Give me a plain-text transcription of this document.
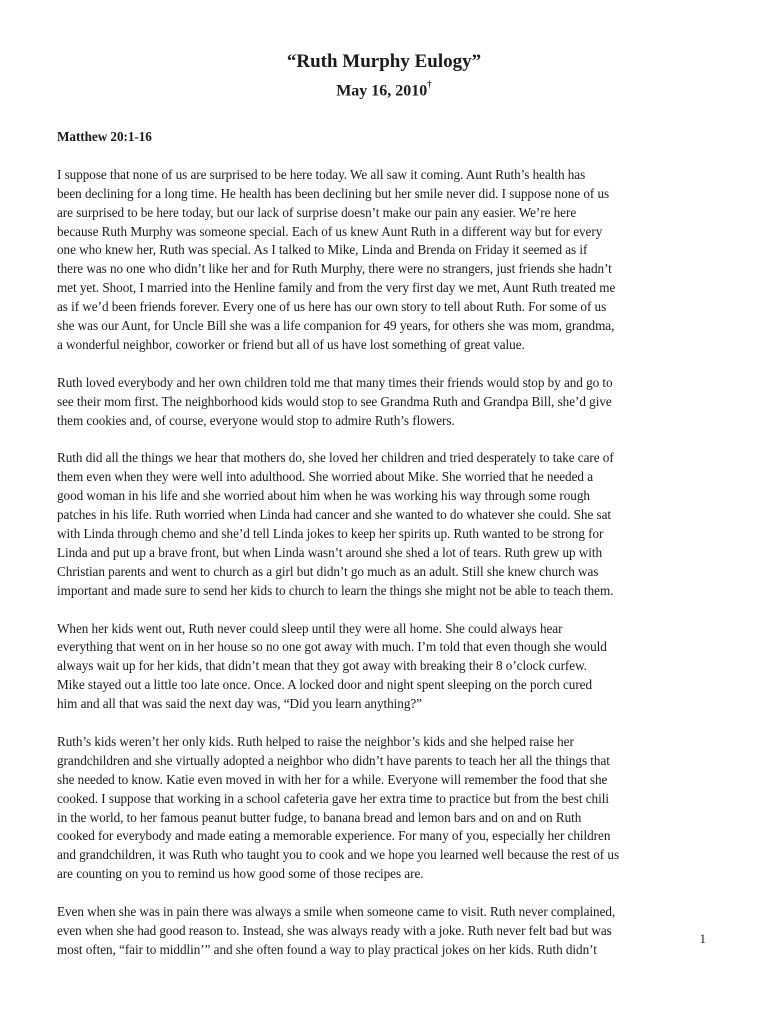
“Ruth Murphy Eulogy”
May 16, 2010†
Matthew 20:1-16
I suppose that none of us are surprised to be here today. We all saw it coming. Aunt Ruth’s health has
been declining for a long time. He health has been declining but her smile never did. I suppose none of us
are surprised to be here today, but our lack of surprise doesn’t make our pain any easier. We’re here
because Ruth Murphy was someone special. Each of us knew Aunt Ruth in a different way but for every
one who knew her, Ruth was special. As I talked to Mike, Linda and Brenda on Friday it seemed as if
there was no one who didn’t like her and for Ruth Murphy, there were no strangers, just friends she hadn’t
met yet. Shoot, I married into the Henline family and from the very first day we met, Aunt Ruth treated me
as if we’d been friends forever. Every one of us here has our own story to tell about Ruth. For some of us
she was our Aunt, for Uncle Bill she was a life companion for 49 years, for others she was mom, grandma,
a wonderful neighbor, coworker or friend but all of us have lost something of great value.
Ruth loved everybody and her own children told me that many times their friends would stop by and go to
see their mom first. The neighborhood kids would stop to see Grandma Ruth and Grandpa Bill, she’d give
them cookies and, of course, everyone would stop to admire Ruth’s flowers.
Ruth did all the things we hear that mothers do, she loved her children and tried desperately to take care of
them even when they were well into adulthood. She worried about Mike. She worried that he needed a
good woman in his life and she worried about him when he was working his way through some rough
patches in his life. Ruth worried when Linda had cancer and she wanted to do whatever she could. She sat
with Linda through chemo and she’d tell Linda jokes to keep her spirits up. Ruth wanted to be strong for
Linda and put up a brave front, but when Linda wasn’t around she shed a lot of tears. Ruth grew up with
Christian parents and went to church as a girl but didn’t go much as an adult. Still she knew church was
important and made sure to send her kids to church to learn the things she might not be able to teach them.
When her kids went out, Ruth never could sleep until they were all home. She could always hear
everything that went on in her house so no one got away with much. I’m told that even though she would
always wait up for her kids, that didn’t mean that they got away with breaking their 8 o’clock curfew.
Mike stayed out a little too late once. Once. A locked door and night spent sleeping on the porch cured
him and all that was said the next day was, “Did you learn anything?”
Ruth’s kids weren’t her only kids. Ruth helped to raise the neighbor’s kids and she helped raise her
grandchildren and she virtually adopted a neighbor who didn’t have parents to teach her all the things that
she needed to know. Katie even moved in with her for a while. Everyone will remember the food that she
cooked. I suppose that working in a school cafeteria gave her extra time to practice but from the best chili
in the world, to her famous peanut butter fudge, to banana bread and lemon bars and on and on Ruth
cooked for everybody and made eating a memorable experience. For many of you, especially her children
and grandchildren, it was Ruth who taught you to cook and we hope you learned well because the rest of us
are counting on you to remind us how good some of those recipes are.
Even when she was in pain there was always a smile when someone came to visit. Ruth never complained,
even when she had good reason to. Instead, she was always ready with a joke. Ruth never felt bad but was
most often, “fair to middlin’” and she often found a way to play practical jokes on her kids. Ruth didn’t
1
